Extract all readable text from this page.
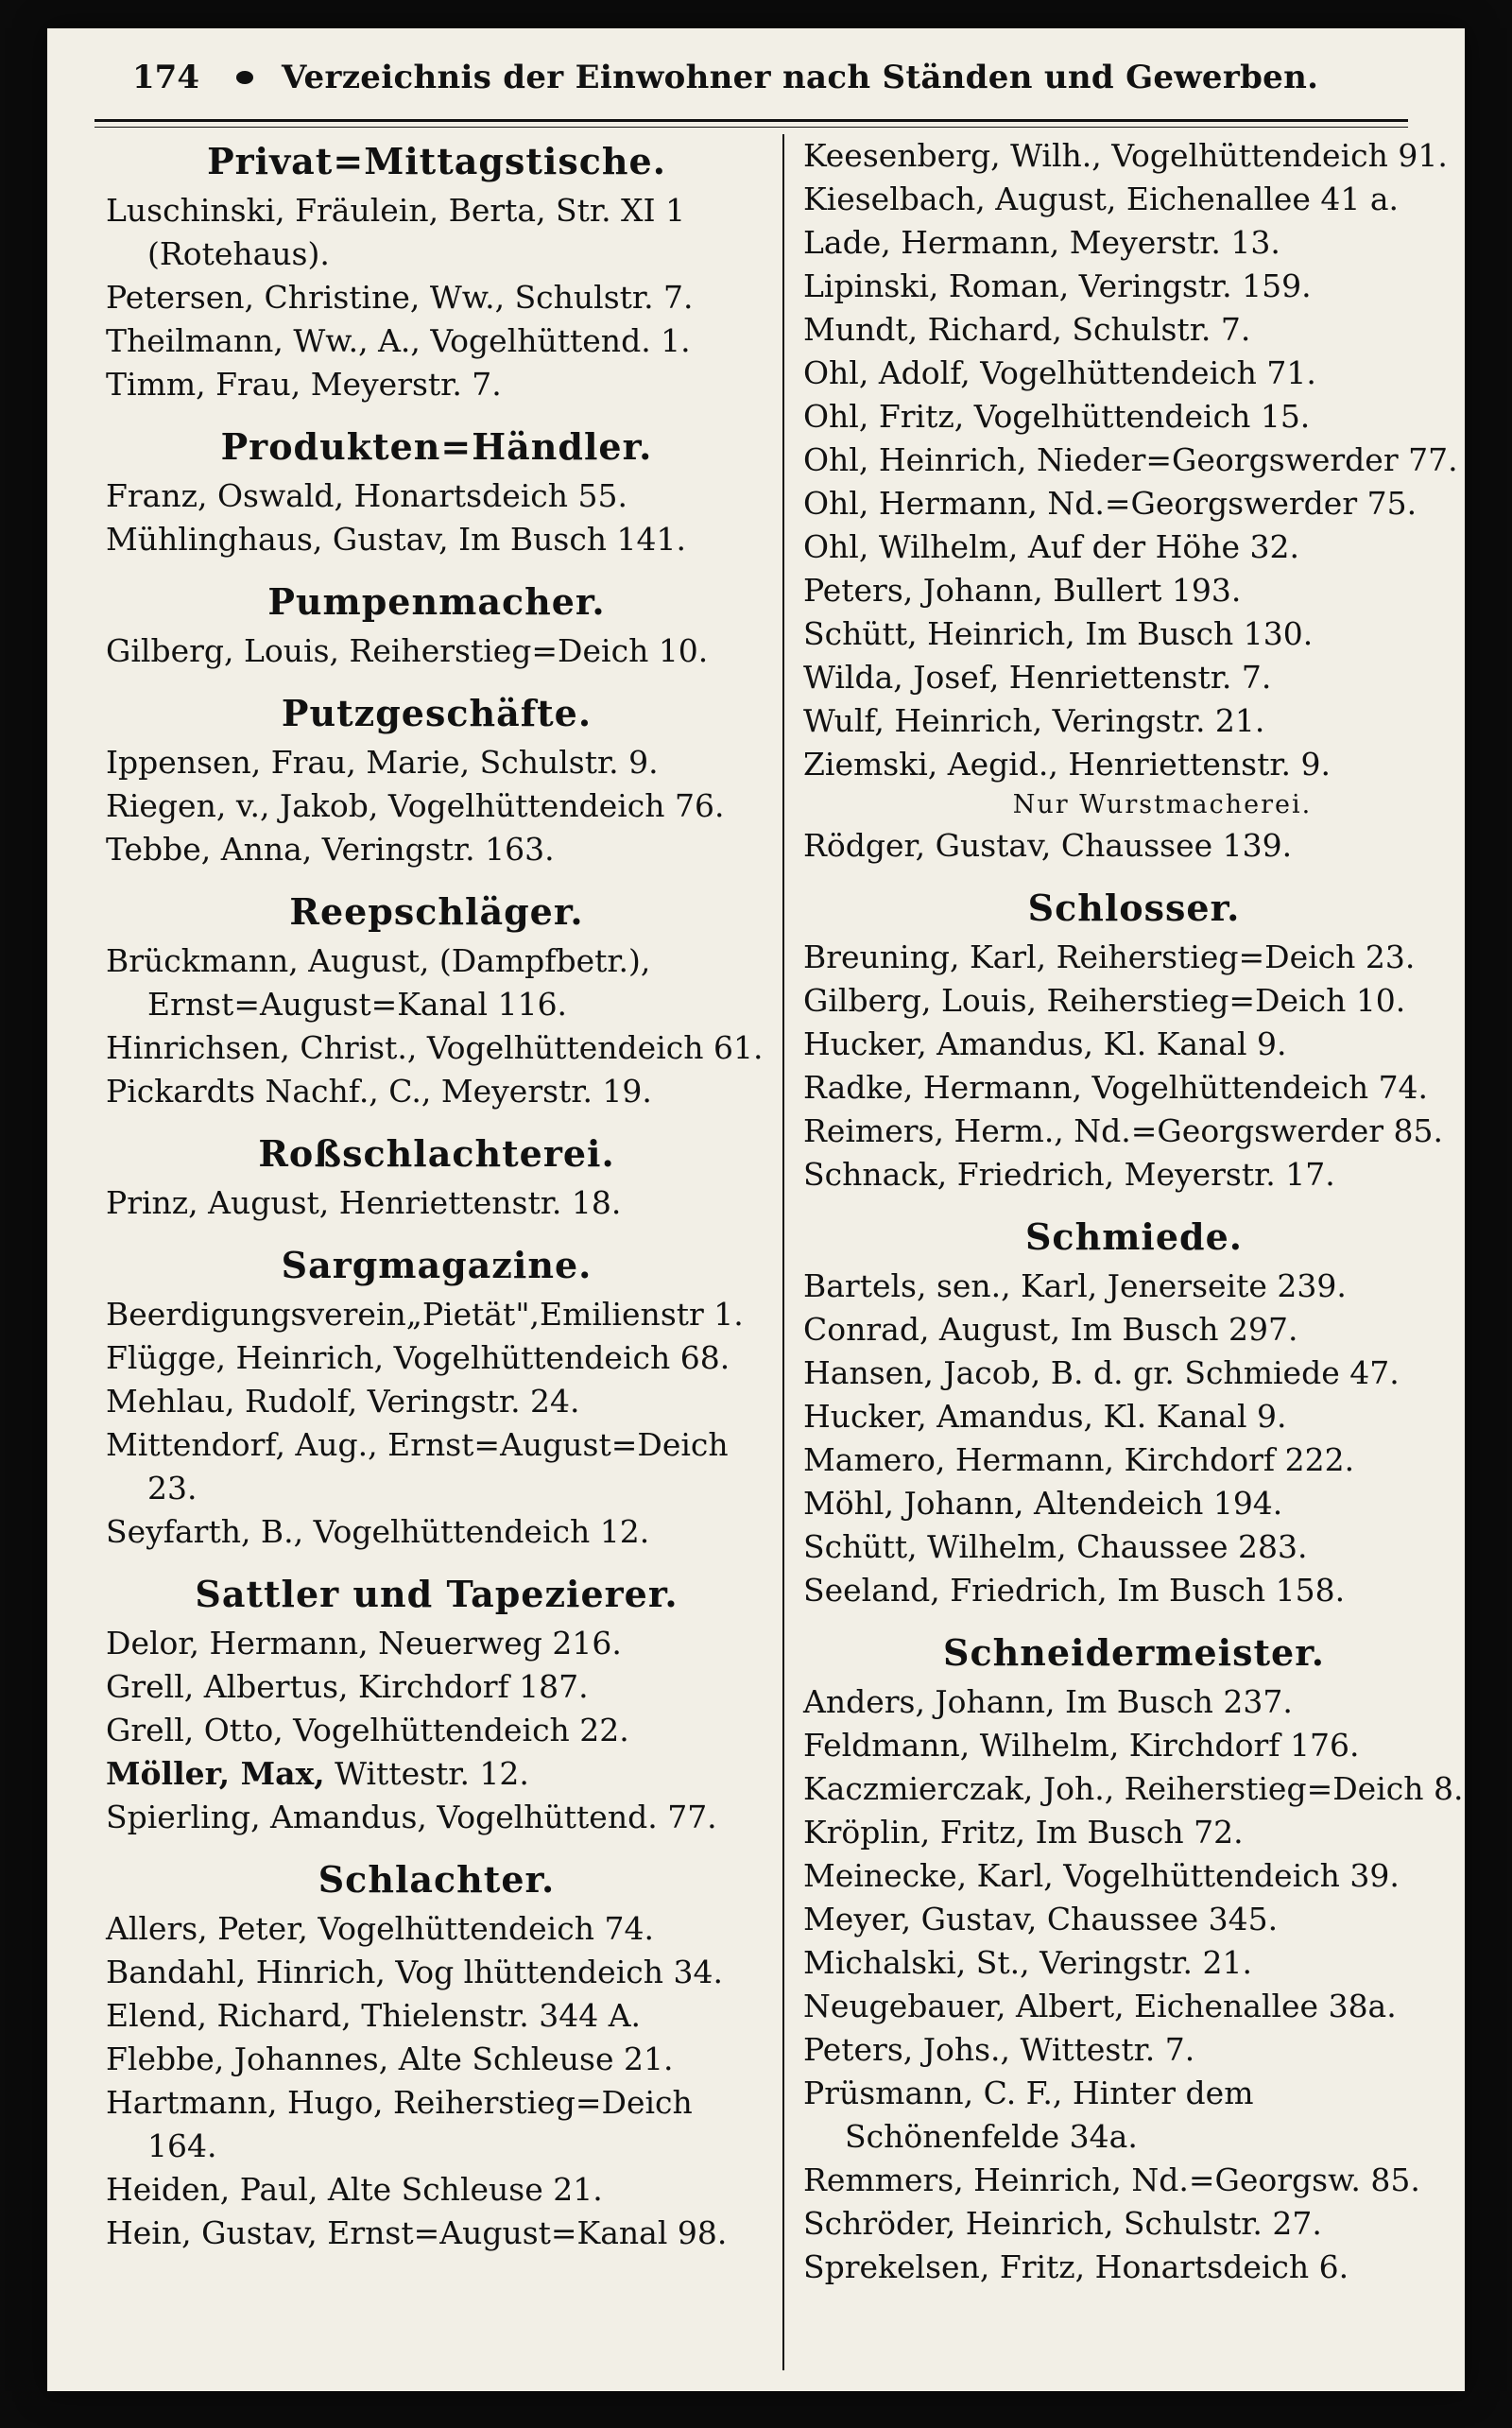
174	Verzeichnis der Einwohner nach Ständen und Gewerben.
Privat=Mittagstische.
Luschinski, Fräulein, Berta, Str. XI 1 (Rotehaus).
Petersen, Christine, Ww., Schulstr. 7.
Theilmann, Ww., A., Vogelhüttend. 1.
Timm, Frau, Meyerstr. 7.
Produkten=Händler.
Franz, Oswald, Honartsdeich 55.
Mühlinghaus, Gustav, Im Busch 141.
Pumpenmacher.
Gilberg, Louis, Reiherstieg=Deich 10.
Putzgeschäfte.
Ippensen, Frau, Marie, Schulstr. 9.
Riegen, v., Jakob, Vogelhüttendeich 76.
Tebbe, Anna, Veringstr. 163.
Reepschläger.
Brückmann, August, (Dampfbetr.), Ernst=August=Kanal 116.
Hinrichsen, Christ., Vogelhüttendeich 61.
Pickardts Nachf., C., Meyerstr. 19.
Roßschlachterei.
Prinz, August, Henriettenstr. 18.
Sargmagazine.
Beerdigungsverein„Pietät",Emilienstr 1.
Flügge, Heinrich, Vogelhüttendeich 68.
Mehlau, Rudolf, Veringstr. 24.
Mittendorf, Aug., Ernst=August=Deich 23.
Seyfarth, B., Vogelhüttendeich 12.
Sattler und Tapezierer.
Delor, Hermann, Neuerweg 216.
Grell, Albertus, Kirchdorf 187.
Grell, Otto, Vogelhüttendeich 22.
Möller, Max, Wittestr. 12.
Spierling, Amandus, Vogelhüttend. 77.
Schlachter.
Allers, Peter, Vogelhüttendeich 74.
Bandahl, Hinrich, Vog lhüttendeich 34.
Elend, Richard, Thielenstr. 344 A.
Flebbe, Johannes, Alte Schleuse 21.
Hartmann, Hugo, Reiherstieg=Deich 164.
Heiden, Paul, Alte Schleuse 21.
Hein, Gustav, Ernst=August=Kanal 98.
Keesenberg, Wilh., Vogelhüttendeich 91.
Kieselbach, August, Eichenallee 41 a.
Lade, Hermann, Meyerstr. 13.
Lipinski, Roman, Veringstr. 159.
Mundt, Richard, Schulstr. 7.
Ohl, Adolf, Vogelhüttendeich 71.
Ohl, Fritz, Vogelhüttendeich 15.
Ohl, Heinrich, Nieder=Georgswerder 77.
Ohl, Hermann, Nd.=Georgswerder 75.
Ohl, Wilhelm, Auf der Höhe 32.
Peters, Johann, Bullert 193.
Schütt, Heinrich, Im Busch 130.
Wilda, Josef, Henriettenstr. 7.
Wulf, Heinrich, Veringstr. 21.
Ziemski, Aegid., Henriettenstr. 9.
Nur Wurstmacherei.
Rödger, Gustav, Chaussee 139.
Schlosser.
Breuning, Karl, Reiherstieg=Deich 23.
Gilberg, Louis, Reiherstieg=Deich 10.
Hucker, Amandus, Kl. Kanal 9.
Radke, Hermann, Vogelhüttendeich 74.
Reimers, Herm., Nd.=Georgswerder 85.
Schnack, Friedrich, Meyerstr. 17.
Schmiede.
Bartels, sen., Karl, Jenerseite 239.
Conrad, August, Im Busch 297.
Hansen, Jacob, B. d. gr. Schmiede 47.
Hucker, Amandus, Kl. Kanal 9.
Mamero, Hermann, Kirchdorf 222.
Möhl, Johann, Altendeich 194.
Schütt, Wilhelm, Chaussee 283.
Seeland, Friedrich, Im Busch 158.
Schneidermeister.
Anders, Johann, Im Busch 237.
Feldmann, Wilhelm, Kirchdorf 176.
Kaczmierczak, Joh., Reiherstieg=Deich 8.
Kröplin, Fritz, Im Busch 72.
Meinecke, Karl, Vogelhüttendeich 39.
Meyer, Gustav, Chaussee 345.
Michalski, St., Veringstr. 21.
Neugebauer, Albert, Eichenallee 38a.
Peters, Johs., Wittestr. 7.
Prüsmann, C. F., Hinter dem Schönenfelde 34a.
Remmers, Heinrich, Nd.=Georgsw. 85.
Schröder, Heinrich, Schulstr. 27.
Sprekelsen, Fritz, Honartsdeich 6.
